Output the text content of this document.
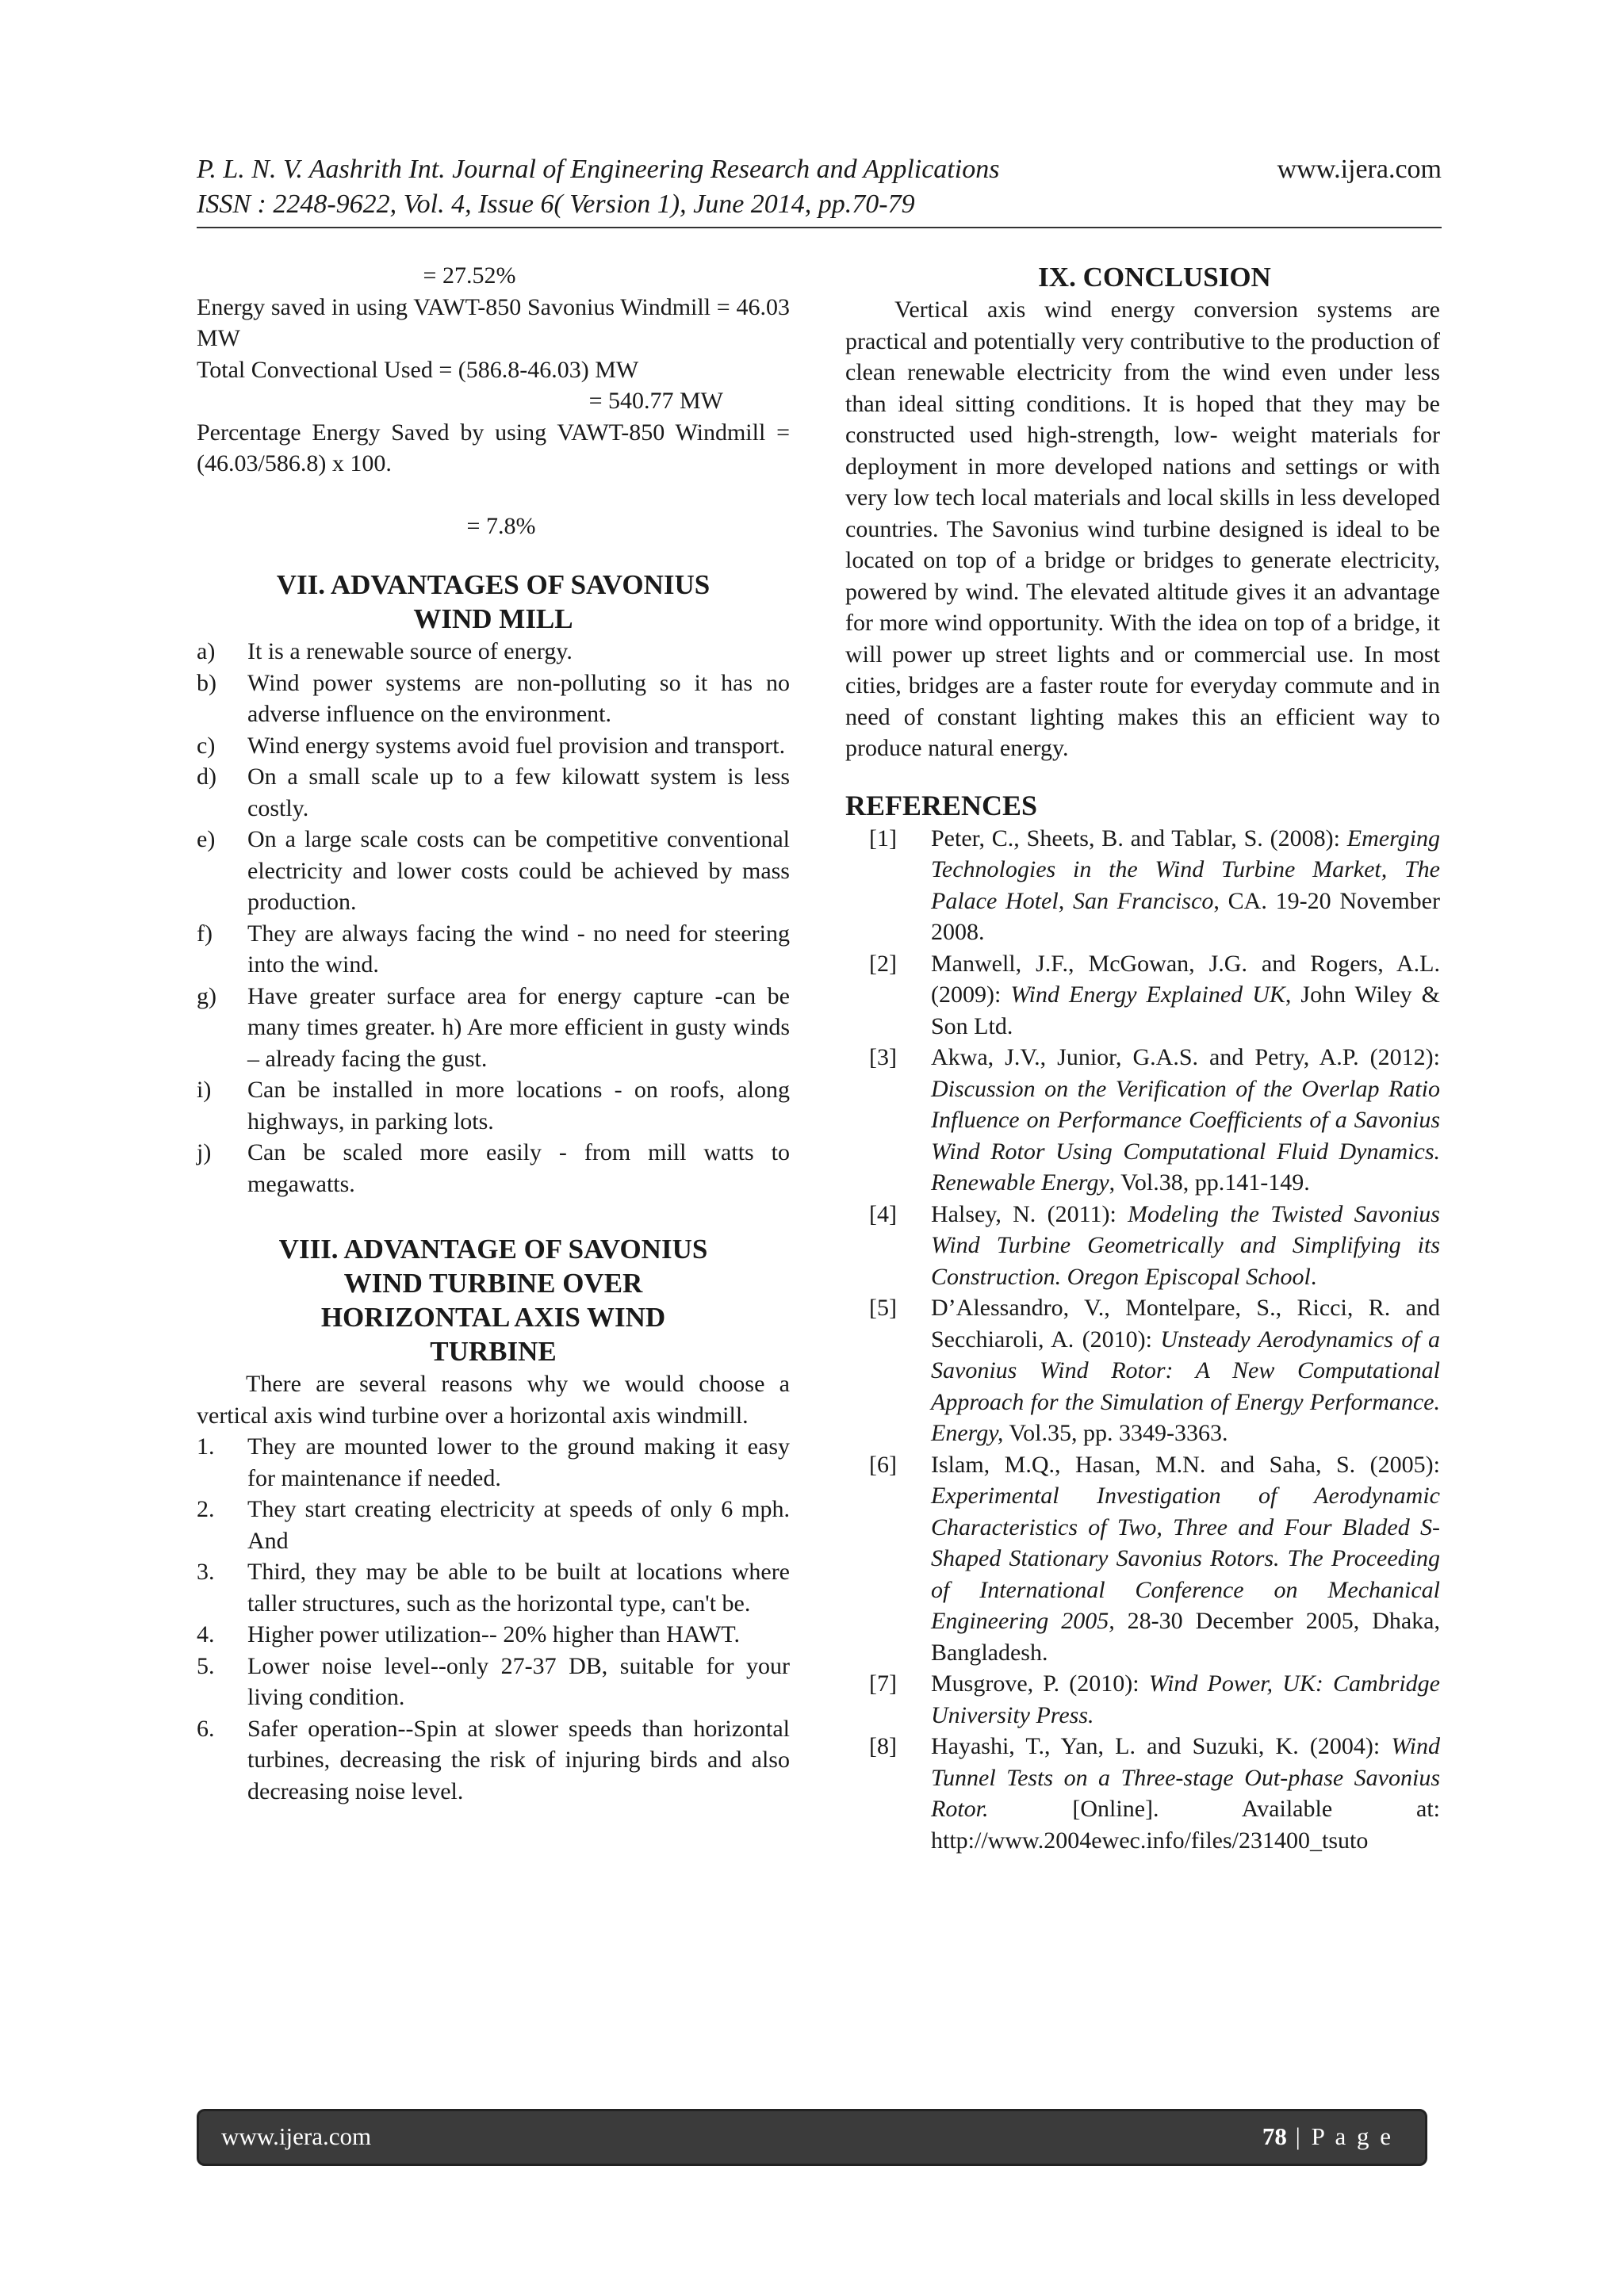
P. L. N. V. Aashrith Int. Journal of Engineering Research and Applications	www.ijera.com
ISSN : 2248-9622, Vol. 4, Issue 6( Version 1), June 2014, pp.70-79

= 27.52%

Energy saved in using VAWT-850 Savonius Windmill = 46.03 MW

Total Convectional Used = (586.8-46.03) MW

= 540.77 MW

Percentage Energy Saved by using VAWT-850 Windmill = (46.03/586.8) x 100.

= 7.8%

VII. ADVANTAGES OF SAVONIUS
WIND MILL

a) It is a renewable source of energy.
b) Wind power systems are non-polluting so it has no adverse influence on the environment.
c) Wind energy systems avoid fuel provision and transport.
d) On a small scale up to a few kilowatt system is less costly.
e) On a large scale costs can be competitive conventional electricity and lower costs could be achieved by mass production.
f) They are always facing the wind - no need for steering into the wind.
g) Have greater surface area for energy capture -can be many times greater. h) Are more efficient in gusty winds – already facing the gust.
i) Can be installed in more locations - on roofs, along highways, in parking lots.
j) Can be scaled more easily - from mill watts to megawatts.

VIII. ADVANTAGE OF SAVONIUS
WIND TURBINE OVER
HORIZONTAL AXIS WIND
TURBINE

There are several reasons why we would choose a vertical axis wind turbine over a horizontal axis windmill.

1. They are mounted lower to the ground making it easy for maintenance if needed.
2. They start creating electricity at speeds of only 6 mph. And
3. Third, they may be able to be built at locations where taller structures, such as the horizontal type, can't be.
4. Higher power utilization-- 20% higher than HAWT.
5. Lower noise level--only 27-37 DB, suitable for your living condition.
6. Safer operation--Spin at slower speeds than horizontal turbines, decreasing the risk of injuring birds and also decreasing noise level.

IX. CONCLUSION

Vertical axis wind energy conversion systems are practical and potentially very contributive to the production of clean renewable electricity from the wind even under less than ideal sitting conditions. It is hoped that they may be constructed used high-strength, low- weight materials for deployment in more developed nations and settings or with very low tech local materials and local skills in less developed countries. The Savonius wind turbine designed is ideal to be located on top of a bridge or bridges to generate electricity, powered by wind. The elevated altitude gives it an advantage for more wind opportunity. With the idea on top of a bridge, it will power up street lights and or commercial use. In most cities, bridges are a faster route for everyday commute and in need of constant lighting makes this an efficient way to produce natural energy.

REFERENCES

[1] Peter, C., Sheets, B. and Tablar, S. (2008): Emerging Technologies in the Wind Turbine Market, The Palace Hotel, San Francisco, CA. 19-20 November 2008.
[2] Manwell, J.F., McGowan, J.G. and Rogers, A.L. (2009): Wind Energy Explained UK, John Wiley & Son Ltd.
[3] Akwa, J.V., Junior, G.A.S. and Petry, A.P. (2012): Discussion on the Verification of the Overlap Ratio Influence on Performance Coefficients of a Savonius Wind Rotor Using Computational Fluid Dynamics. Renewable Energy, Vol.38, pp.141-149.
[4] Halsey, N. (2011): Modeling the Twisted Savonius Wind Turbine Geometrically and Simplifying its Construction. Oregon Episcopal School.
[5] D’Alessandro, V., Montelpare, S., Ricci, R. and Secchiaroli, A. (2010): Unsteady Aerodynamics of a Savonius Wind Rotor: A New Computational Approach for the Simulation of Energy Performance. Energy, Vol.35, pp. 3349-3363.
[6] Islam, M.Q., Hasan, M.N. and Saha, S. (2005): Experimental Investigation of Aerodynamic Characteristics of Two, Three and Four Bladed S-Shaped Stationary Savonius Rotors. The Proceeding of International Conference on Mechanical Engineering 2005, 28-30 December 2005, Dhaka, Bangladesh.
[7] Musgrove, P. (2010): Wind Power, UK: Cambridge University Press.
[8] Hayashi, T., Yan, L. and Suzuki, K. (2004): Wind Tunnel Tests on a Three-stage Out-phase Savonius Rotor. [Online]. Available at: http://www.2004ewec.info/files/231400_tsuto
www.ijera.com	78 | P a g e
